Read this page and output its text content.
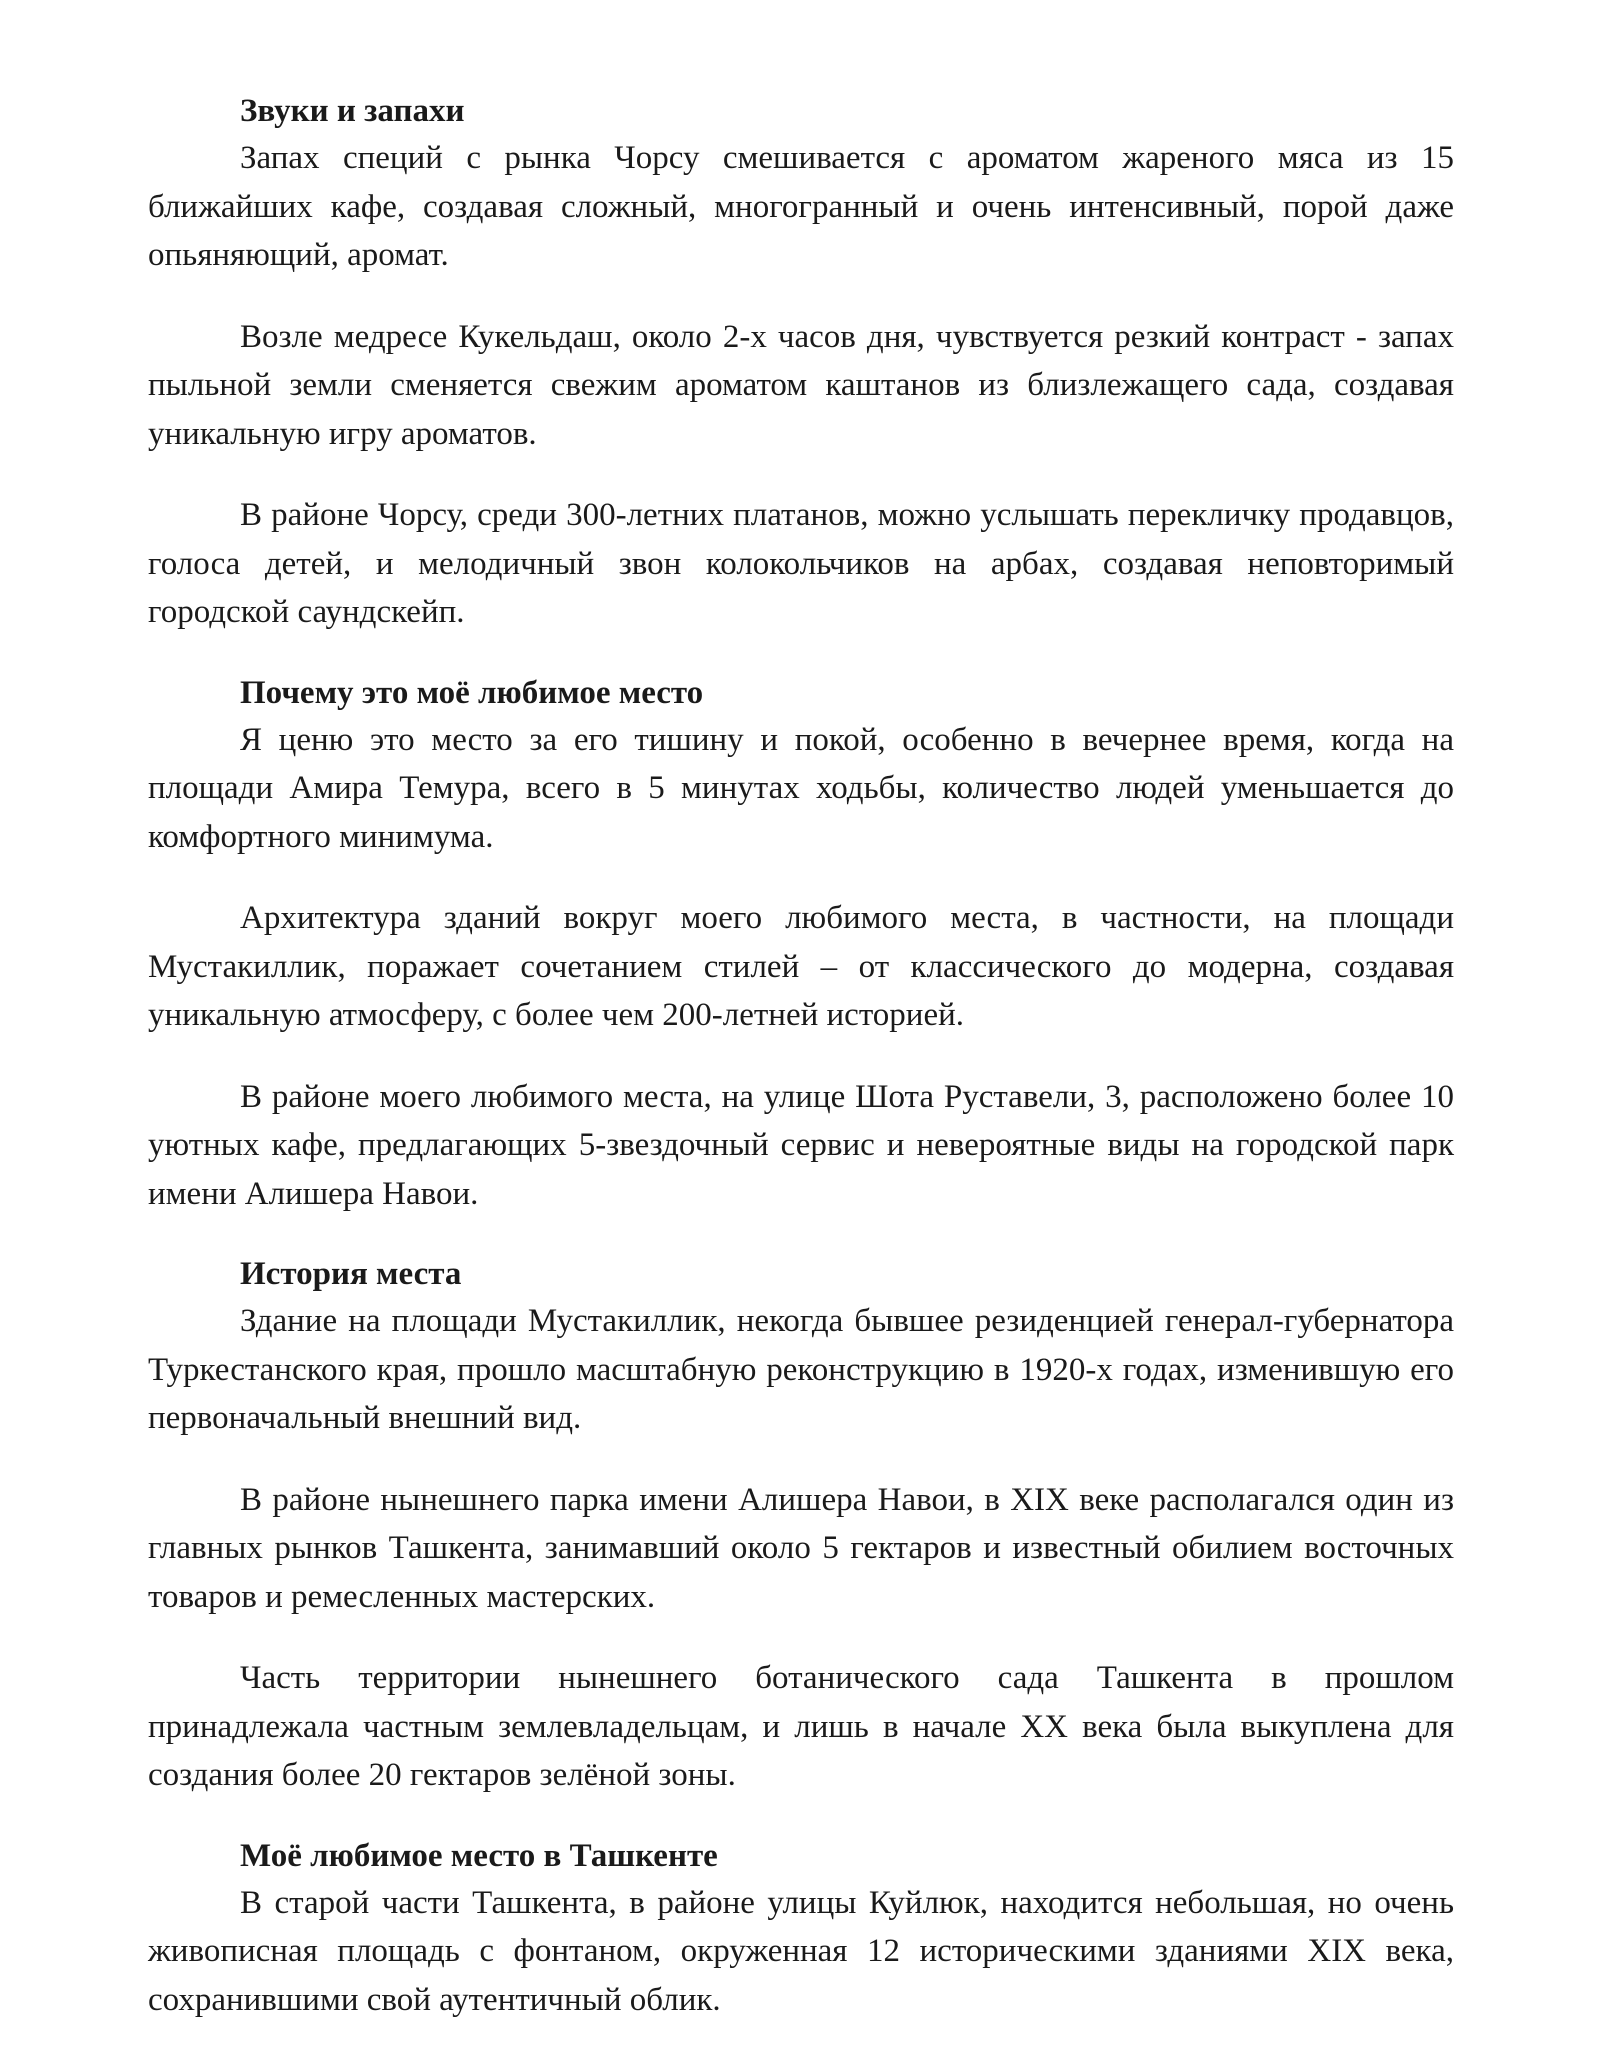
Звуки и запахи

Запах специй с рынка Чорсу смешивается с ароматом жареного мяса из 15 ближайших кафе, создавая сложный, многогранный и очень интенсивный, порой даже опьяняющий, аромат.

Возле медресе Кукельдаш, около 2-х часов дня, чувствуется резкий контраст - запах пыльной земли сменяется свежим ароматом каштанов из близлежащего сада, создавая уникальную игру ароматов.

В районе Чорсу, среди 300-летних платанов, можно услышать перекличку продавцов, голоса детей, и мелодичный звон колокольчиков на арбах, создавая неповторимый городской саундскейп.

Почему это моё любимое место

Я ценю это место за его тишину и покой, особенно в вечернее время, когда на площади Амира Темура, всего в 5 минутах ходьбы, количество людей уменьшается до комфортного минимума.

Архитектура зданий вокруг моего любимого места, в частности, на площади Мустакиллик, поражает сочетанием стилей – от классического до модерна, создавая уникальную атмосферу, с более чем 200-летней историей.

В районе моего любимого места, на улице Шота Руставели, 3, расположено более 10 уютных кафе, предлагающих 5-звездочный сервис и невероятные виды на городской парк имени Алишера Навои.

История места

Здание на площади Мустакиллик, некогда бывшее резиденцией генерал-губернатора Туркестанского края, прошло масштабную реконструкцию в 1920-х годах, изменившую его первоначальный внешний вид.

В районе нынешнего парка имени Алишера Навои, в XIX веке располагался один из главных рынков Ташкента, занимавший около 5 гектаров и известный обилием восточных товаров и ремесленных мастерских.

Часть территории нынешнего ботанического сада Ташкента в прошлом принадлежала частным землевладельцам, и лишь в начале XX века была выкуплена для создания более 20 гектаров зелёной зоны.

Моё любимое место в Ташкенте

В старой части Ташкента, в районе улицы Куйлюк, находится небольшая, но очень живописная площадь с фонтаном, окруженная 12 историческими зданиями XIX века, сохранившими свой аутентичный облик.
